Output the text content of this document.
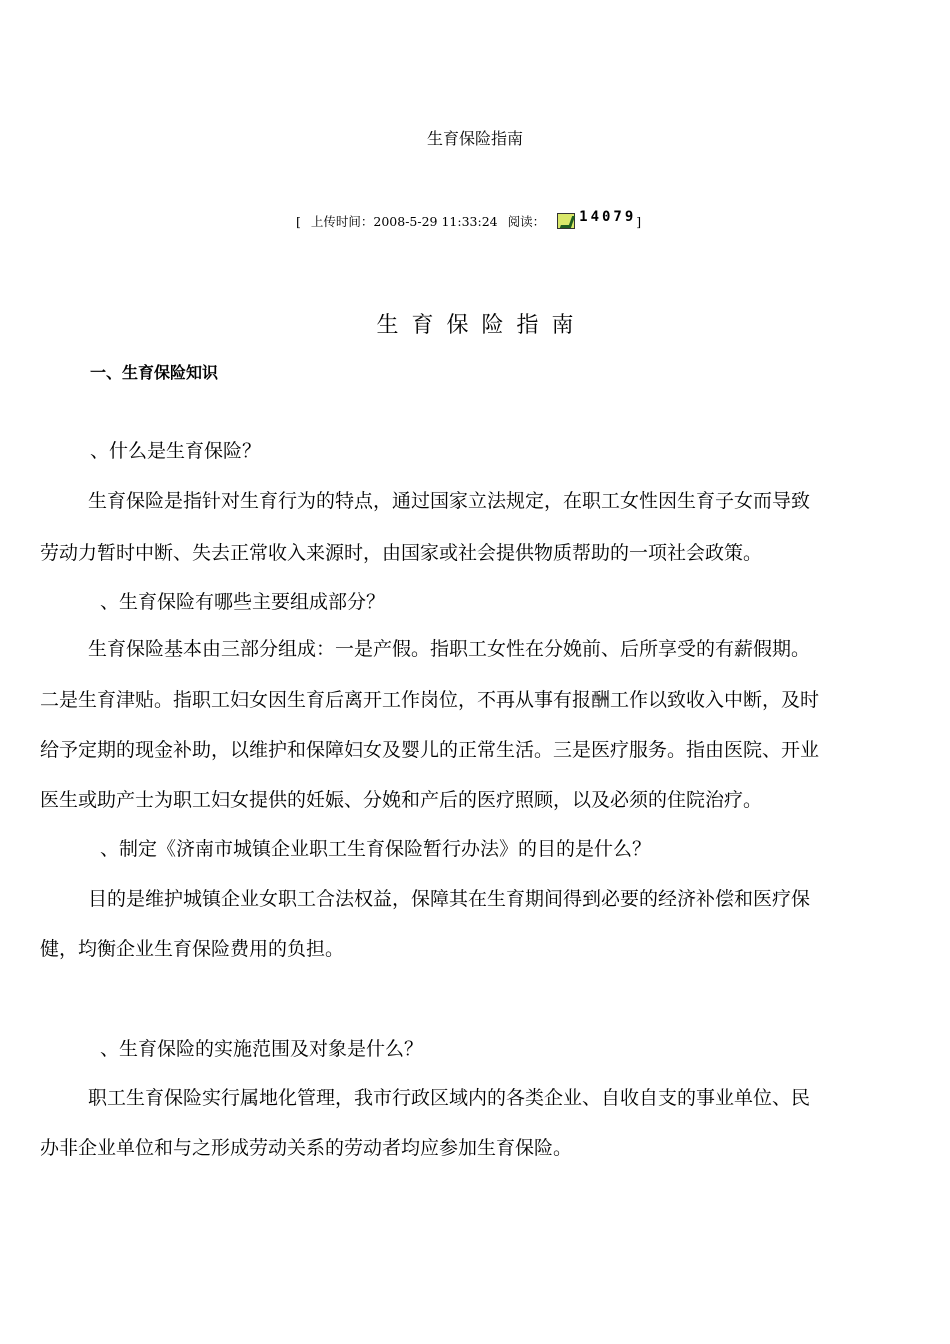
生育保险指南
[ 上传时间：2008-5-29 11:33:24 阅读： 14079 ]
生育保险指南
一、生育保险知识
、什么是生育保险？
生育保险是指针对生育行为的特点，通过国家立法规定，在职工女性因生育子女而导致
劳动力暂时中断、失去正常收入来源时，由国家或社会提供物质帮助的一项社会政策。
、生育保险有哪些主要组成部分？
生育保险基本由三部分组成：一是产假。指职工女性在分娩前、后所享受的有薪假期。
二是生育津贴。指职工妇女因生育后离开工作岗位，不再从事有报酬工作以致收入中断，及时
给予定期的现金补助，以维护和保障妇女及婴儿的正常生活。三是医疗服务。指由医院、开业
医生或助产士为职工妇女提供的妊娠、分娩和产后的医疗照顾，以及必须的住院治疗。
、制定《济南市城镇企业职工生育保险暂行办法》的目的是什么？
目的是维护城镇企业女职工合法权益，保障其在生育期间得到必要的经济补偿和医疗保
健，均衡企业生育保险费用的负担。
、生育保险的实施范围及对象是什么？
职工生育保险实行属地化管理，我市行政区域内的各类企业、自收自支的事业单位、民
办非企业单位和与之形成劳动关系的劳动者均应参加生育保险。
